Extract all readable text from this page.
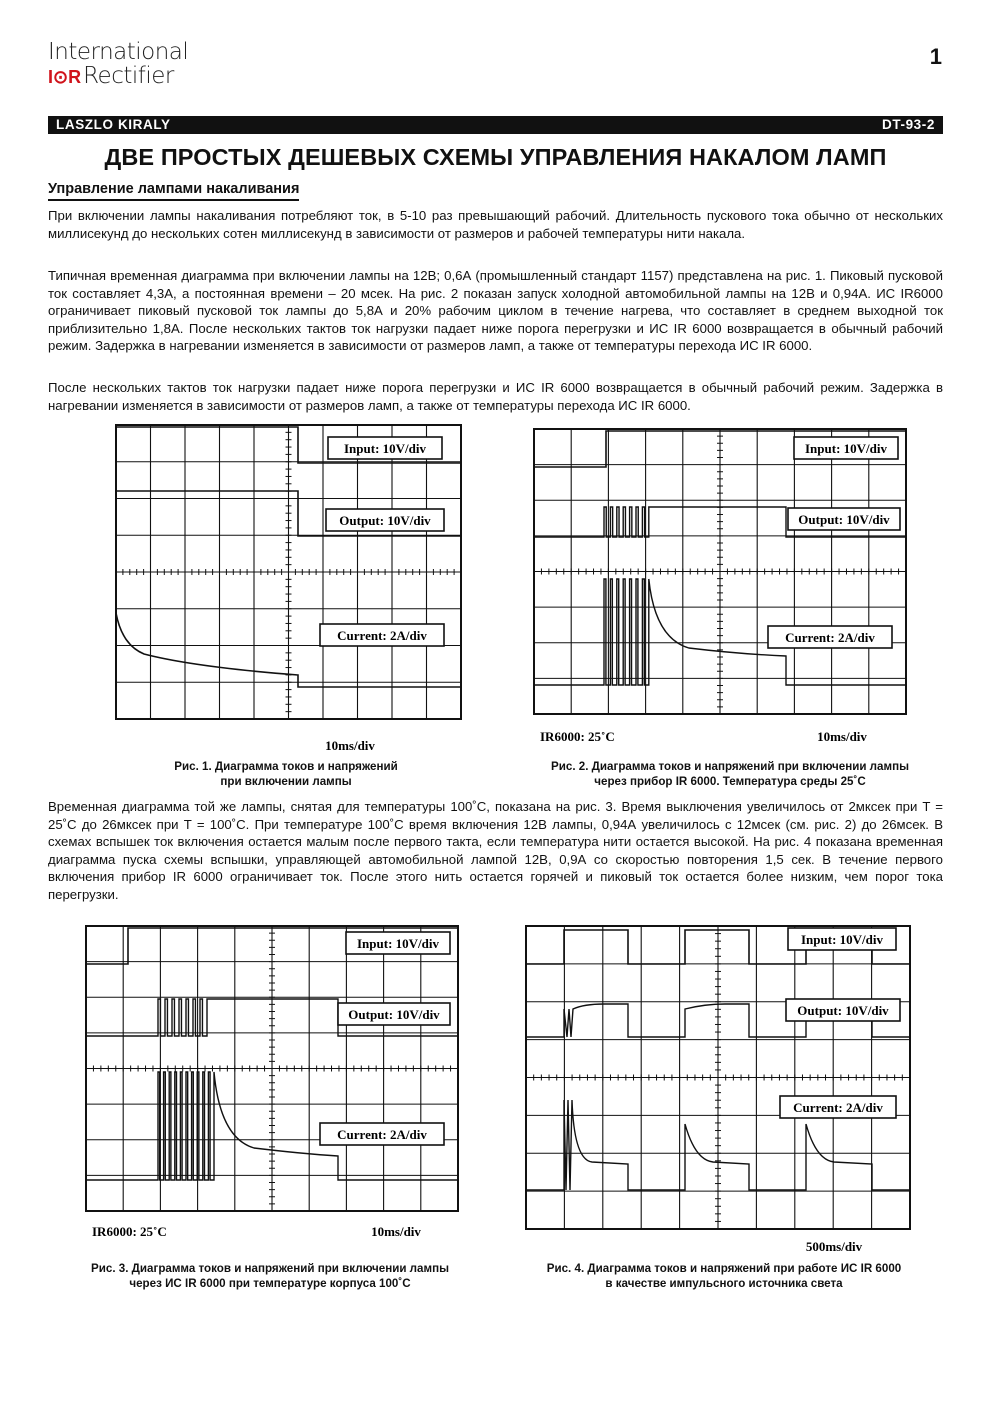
International
I⊙RRectifier
1
LASZLO KIRALY	DT-93-2
ДВЕ ПРОСТЫХ ДЕШЕВЫХ СХЕМЫ УПРАВЛЕНИЯ НАКАЛОМ ЛАМП
Управление лампами накаливания

При включении лампы накаливания потребляют ток, в 5-10 раз превышающий рабочий. Длительность пускового тока обычно от нескольких миллисекунд до нескольких сотен миллисекунд в зависимости от размеров и рабочей температуры нити накала.

Типичная временная диаграмма при включении лампы на 12В; 0,6А (промышленный стандарт 1157) представлена на рис. 1. Пиковый пусковой ток составляет 4,3А, а постоянная времени – 20 мсек. На рис. 2 показан запуск холодной автомобильной лампы на 12В и 0,94А. ИС IR6000 ограничивает пиковый пусковой ток лампы до 5,8А и 20% рабочим циклом в течение нагрева, что составляет в среднем выходной ток приблизительно 1,8А. После нескольких тактов ток нагрузки падает ниже порога перегрузки и ИС IR 6000 возвращается в обычный рабочий режим. Задержка в нагревании изменяется в зависимости от размеров ламп, а также от температуры перехода ИС IR 6000.

После нескольких тактов ток нагрузки падает ниже порога перегрузки и ИС IR 6000 возвращается в обычный рабочий режим. Задержка в нагревании изменяется в зависимости от размеров ламп, а также от температуры перехода ИС IR 6000.

Input: 10V/div
Output: 10V/div
Current: 2A/div
10ms/div
Рис. 1. Диаграмма токов и напряжений
при включении лампы
Input: 10V/div
Output: 10V/div
Current: 2A/div
IR6000: 25˚C	10ms/div
Рис. 2. Диаграмма токов и напряжений при включении лампы
через прибор IR 6000. Температура среды 25˚С

Временная диаграмма той же лампы, снятая для температуры 100˚С, показана на рис. 3. Время выключения увеличилось от 2мксек при T = 25˚С до 26мксек при T = 100˚С. При температуре 100˚С время включения 12В лампы, 0,94А увеличилось с 12мсек (см. рис. 2) до 26мсек. В схемах вспышек ток включения остается малым после первого такта, если температура нити остается высокой. На рис. 4 показана временная диаграмма пуска схемы вспышки, управляющей автомобильной лампой 12В, 0,9А со скоростью повторения 1,5 сек. В течение первого включения прибор IR 6000 ограничивает ток. После этого нить остается горячей и пиковый ток остается более низким, чем порог тока перегрузки.

Input: 10V/div
Output: 10V/div
Current: 2A/div
IR6000: 25˚C	10ms/div
Рис. 3. Диаграмма токов и напряжений при включении лампы
через ИС IR 6000 при температуре корпуса 100˚С
Input: 10V/div
Output: 10V/div
Current: 2A/div
500ms/div
Рис. 4. Диаграмма токов и напряжений при работе ИС IR 6000
в качестве импульсного источника света
